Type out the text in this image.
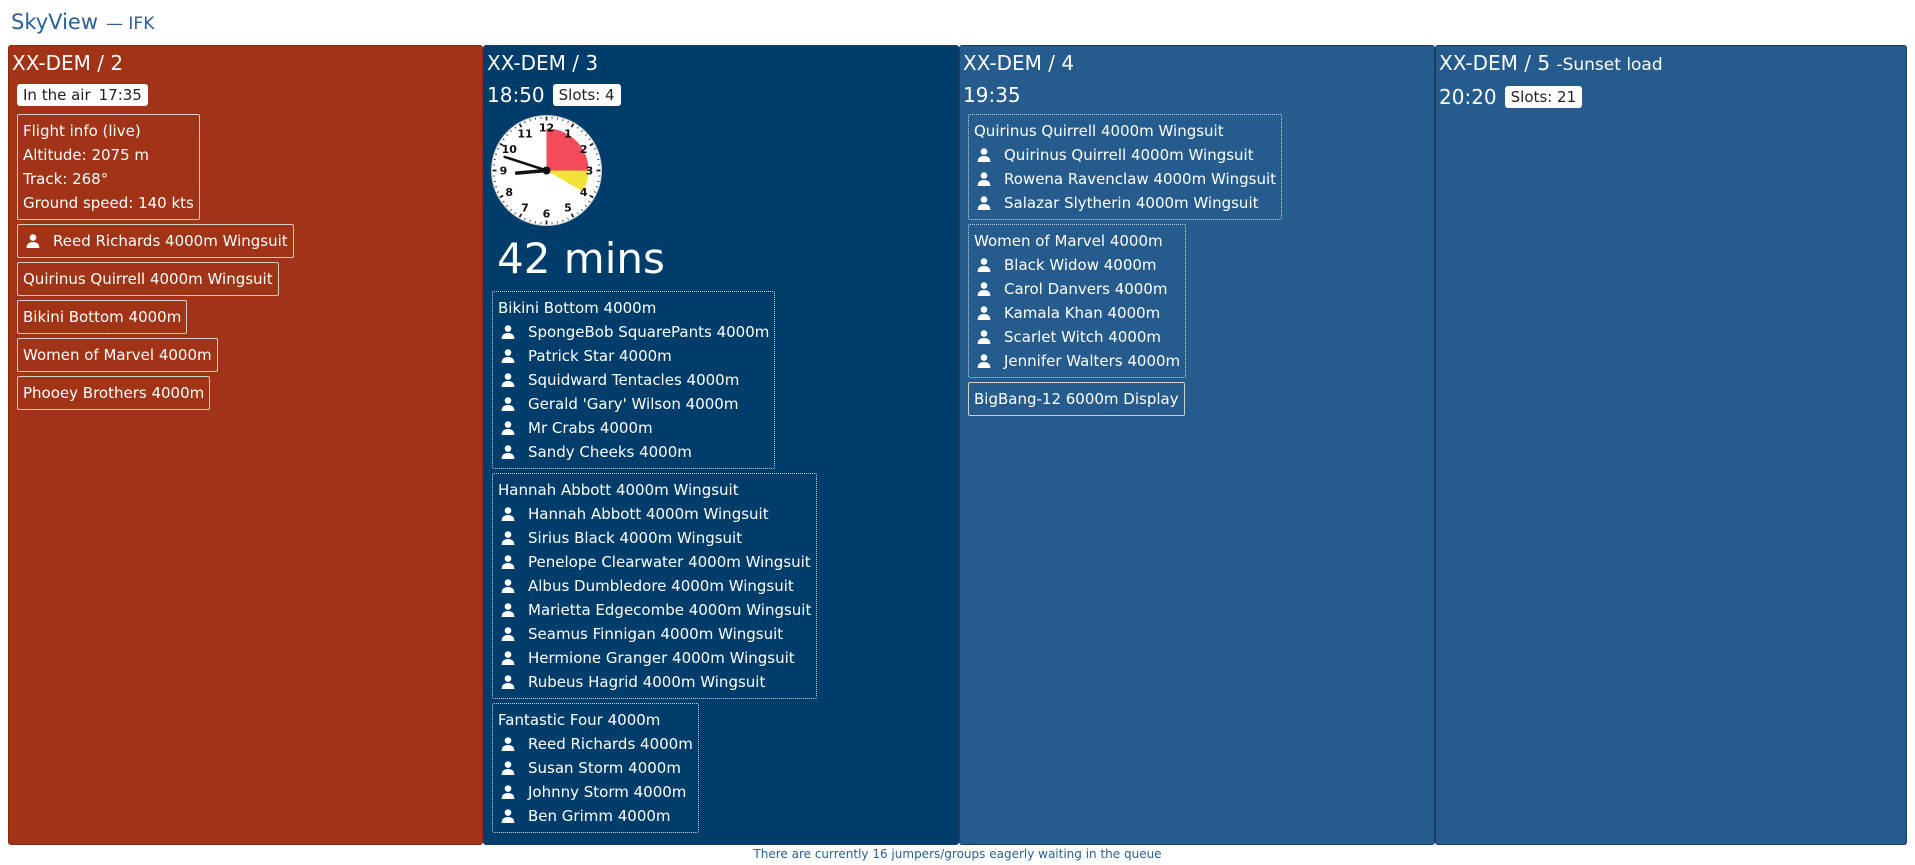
SkyView — IFK
XX-DEM / 2
In the air 17:35
Flight info (live)
Altitude: 2075 m
Track: 268°
Ground speed: 140 kts
Reed Richards 4000m Wingsuit
Quirinus Quirrell 4000m Wingsuit
Bikini Bottom 4000m
Women of Marvel 4000m
Phooey Brothers 4000m
XX-DEM / 3
18:50 Slots: 4
12 1
2
3
4
5
6
7
8
9
10
11
42 mins
Bikini Bottom 4000m
SpongeBob SquarePants 4000m
Patrick Star 4000m
Squidward Tentacles 4000m
Gerald 'Gary' Wilson 4000m
Mr Crabs 4000m
Sandy Cheeks 4000m
Hannah Abbott 4000m Wingsuit
Hannah Abbott 4000m Wingsuit
Sirius Black 4000m Wingsuit
Penelope Clearwater 4000m Wingsuit
Albus Dumbledore 4000m Wingsuit
Marietta Edgecombe 4000m Wingsuit
Seamus Finnigan 4000m Wingsuit
Hermione Granger 4000m Wingsuit
Rubeus Hagrid 4000m Wingsuit
Fantastic Four 4000m
Reed Richards 4000m
Susan Storm 4000m
Johnny Storm 4000m
Ben Grimm 4000m
XX-DEM / 4
19:35
Quirinus Quirrell 4000m Wingsuit
Quirinus Quirrell 4000m Wingsuit
Rowena Ravenclaw 4000m Wingsuit
Salazar Slytherin 4000m Wingsuit
Women of Marvel 4000m
Black Widow 4000m
Carol Danvers 4000m
Kamala Khan 4000m
Scarlet Witch 4000m
Jennifer Walters 4000m
BigBang-12 6000m Display
XX-DEM / 5 -Sunset load
20:20 Slots: 21
There are currently 16 jumpers/groups eagerly waiting in the queue
